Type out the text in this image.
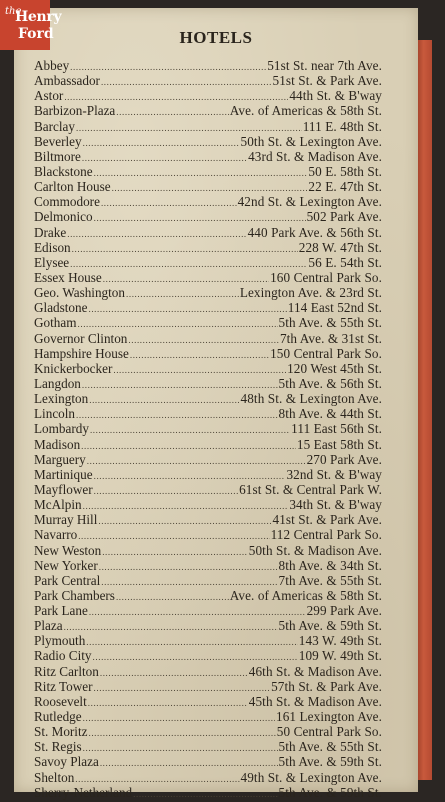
the
Henry
Ford	HOTELS
Abbey .....	51st St. near 7th Ave.
Ambassador .....	51st St. & Park Ave.
Astor .....	44th St. & B'way
Barbizon-Plaza .....	Ave. of Americas & 58th St.
Barclay .....	111 E. 48th St.
Beverley .....	50th St. & Lexington Ave.
Biltmore .....	43rd St. & Madison Ave.
Blackstone .....	50 E. 58th St.
Carlton House .....	22 E. 47th St.
Commodore .....	42nd St. & Lexington Ave.
Delmonico .....	502 Park Ave.
Drake .....	440 Park Ave. & 56th St.
Edison .....	228 W. 47th St.
Elysee .....	56 E. 54th St.
Essex House .....	160 Central Park So.
Geo. Washington .....	Lexington Ave. & 23rd St.
Gladstone .....	114 East 52nd St.
Gotham .....	5th Ave. & 55th St.
Governor Clinton .....	7th Ave. & 31st St.
Hampshire House .....	150 Central Park So.
Knickerbocker .....	120 West 45th St.
Langdon .....	5th Ave. & 56th St.
Lexington .....	48th St. & Lexington Ave.
Lincoln .....	8th Ave. & 44th St.
Lombardy .....	111 East 56th St.
Madison .....	15 East 58th St.
Marguery .....	270 Park Ave.
Martinique .....	32nd St. & B'way
Mayflower .....	61st St. & Central Park W.
McAlpin .....	34th St. & B'way
Murray Hill .....	41st St. & Park Ave.
Navarro .....	112 Central Park So.
New Weston .....	50th St. & Madison Ave.
New Yorker .....	8th Ave. & 34th St.
Park Central .....	7th Ave. & 55th St.
Park Chambers .....	Ave. of Americas & 58th St.
Park Lane .....	299 Park Ave.
Plaza .....	5th Ave. & 59th St.
Plymouth .....	143 W. 49th St.
Radio City .....	109 W. 49th St.
Ritz Carlton .....	46th St. & Madison Ave.
Ritz Tower .....	57th St. & Park Ave.
Roosevelt .....	45th St. & Madison Ave.
Rutledge .....	161 Lexington Ave.
St. Moritz .....	50 Central Park So.
St. Regis .....	5th Ave. & 55th St.
Savoy Plaza .....	5th Ave. & 59th St.
Shelton .....	49th St. & Lexington Ave.
Sherry-Netherland .....	5th Ave. & 59th St.
